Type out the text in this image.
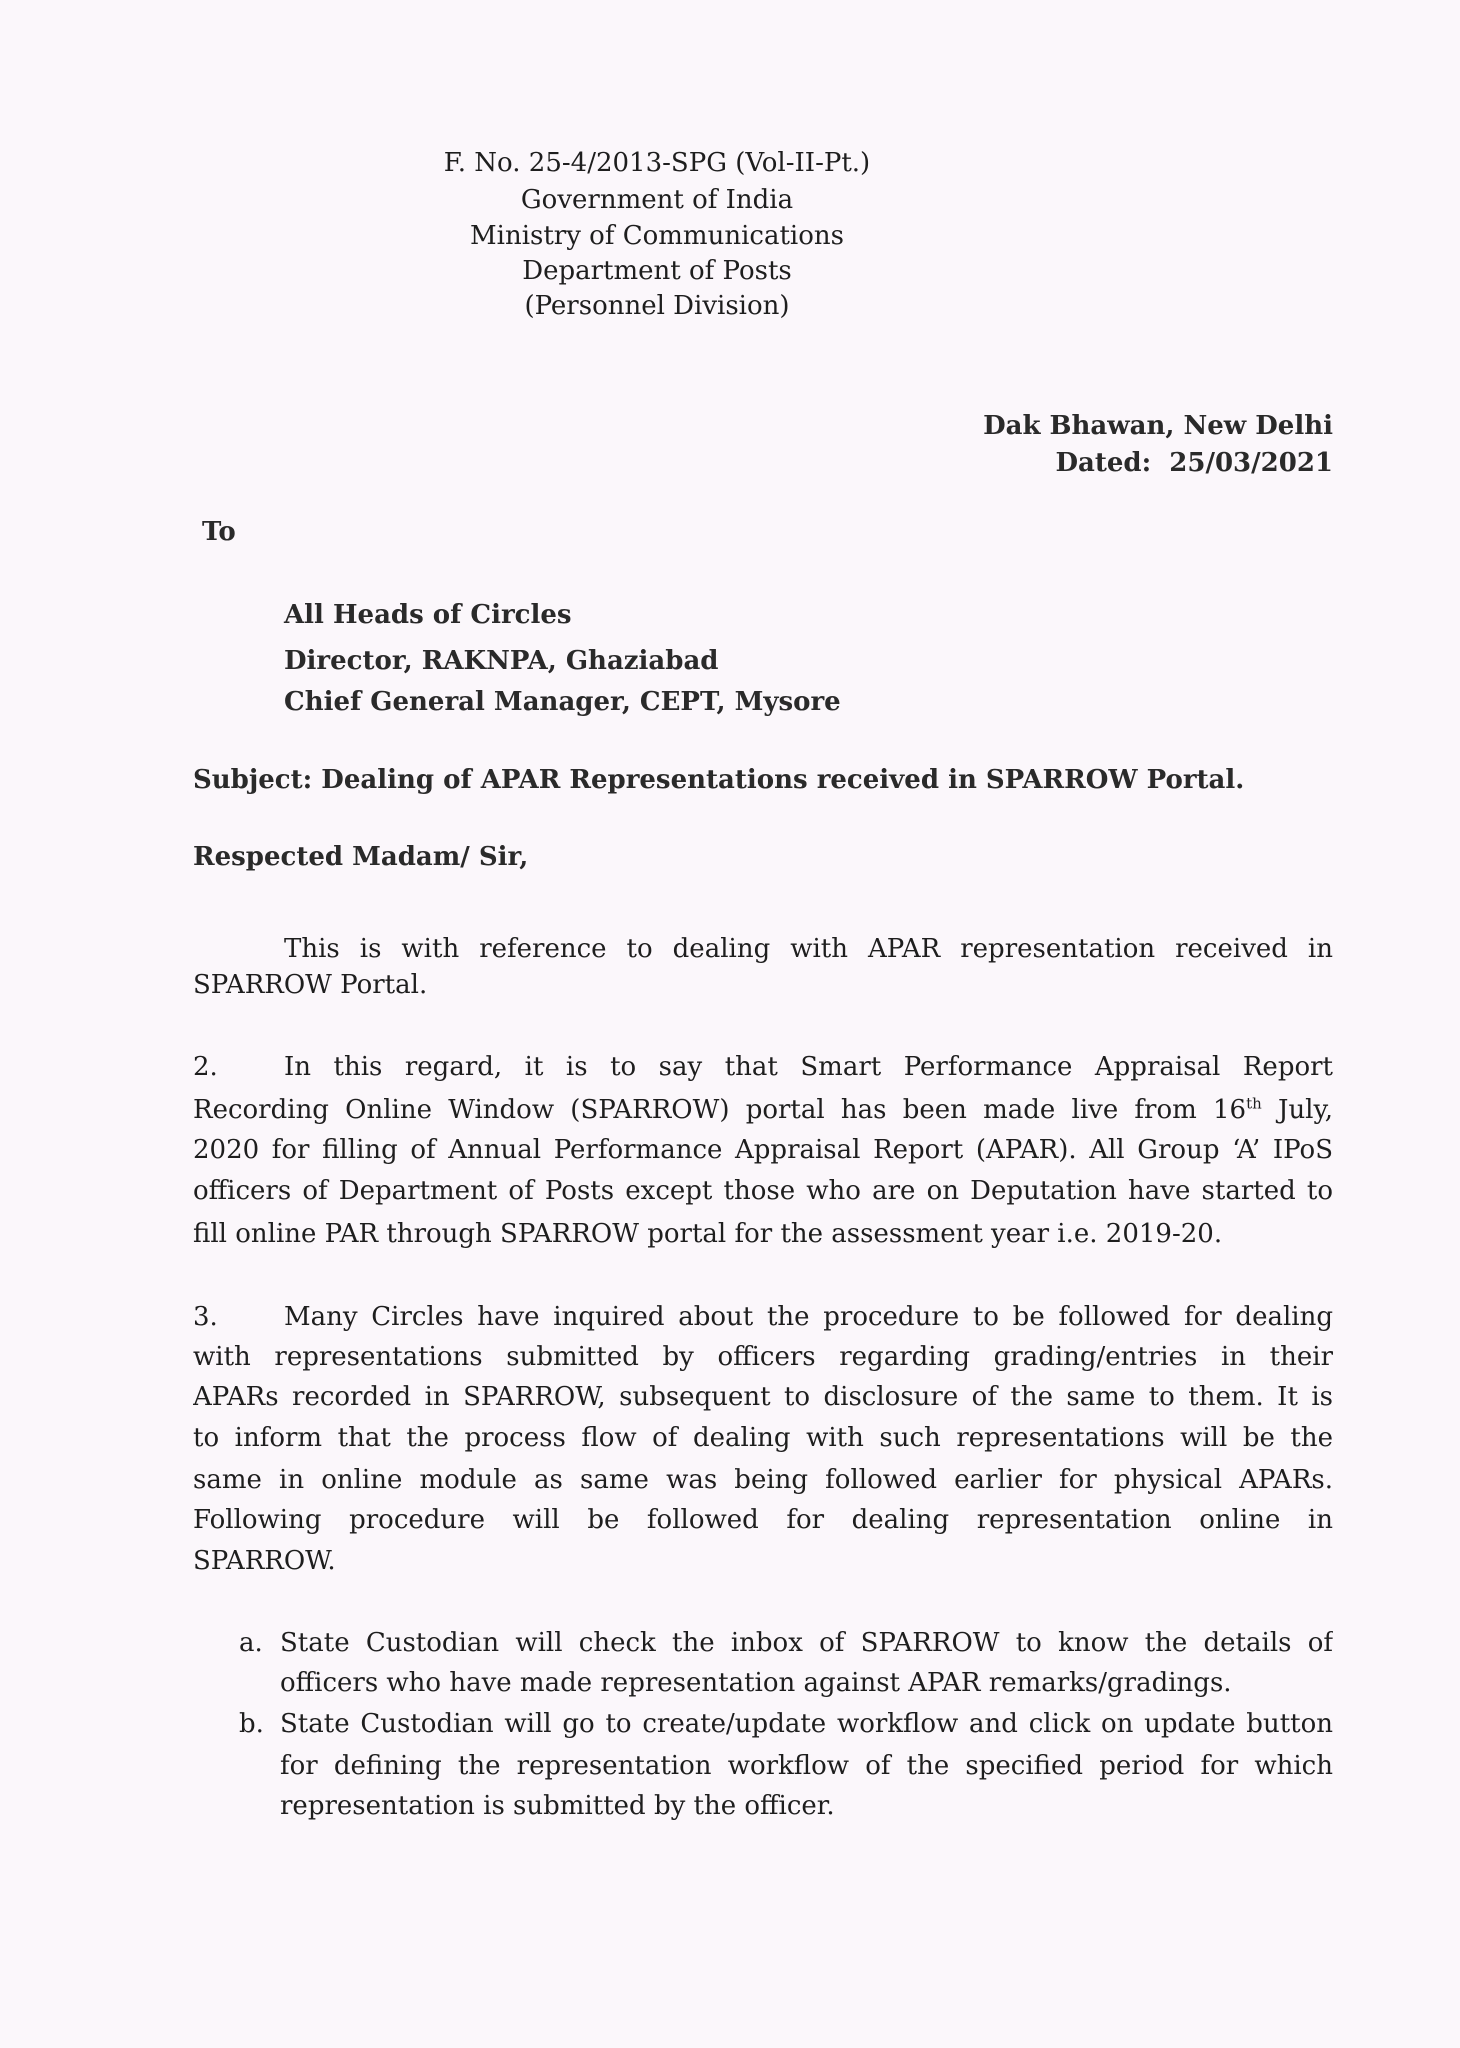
F. No. 25-4/2013-SPG (Vol-II-Pt.)
Government of India
Ministry of Communications
Department of Posts
(Personnel Division)
Dak Bhawan, New Delhi
Dated: 25/03/2021
To
All Heads of Circles
Director, RAKNPA, Ghaziabad
Chief General Manager, CEPT, Mysore
Subject: Dealing of APAR Representations received in SPARROW Portal.
Respected Madam/ Sir,
This is with reference to dealing with APAR representation received in
SPARROW Portal.
2.	In this regard, it is to say that Smart Performance Appraisal Report
Recording Online Window (SPARROW) portal has been made live from 16th July,
2020 for filling of Annual Performance Appraisal Report (APAR). All Group ‘A’ IPoS
officers of Department of Posts except those who are on Deputation have started to
fill online PAR through SPARROW portal for the assessment year i.e. 2019-20.
3.	Many Circles have inquired about the procedure to be followed for dealing
with representations submitted by officers regarding grading/entries in their
APARs recorded in SPARROW, subsequent to disclosure of the same to them. It is
to inform that the process flow of dealing with such representations will be the
same in online module as same was being followed earlier for physical APARs.
Following procedure will be followed for dealing representation online in
SPARROW.
a. State Custodian will check the inbox of SPARROW to know the details of
officers who have made representation against APAR remarks/gradings.
b. State Custodian will go to create/update workflow and click on update button
for defining the representation workflow of the specified period for which
representation is submitted by the officer.
